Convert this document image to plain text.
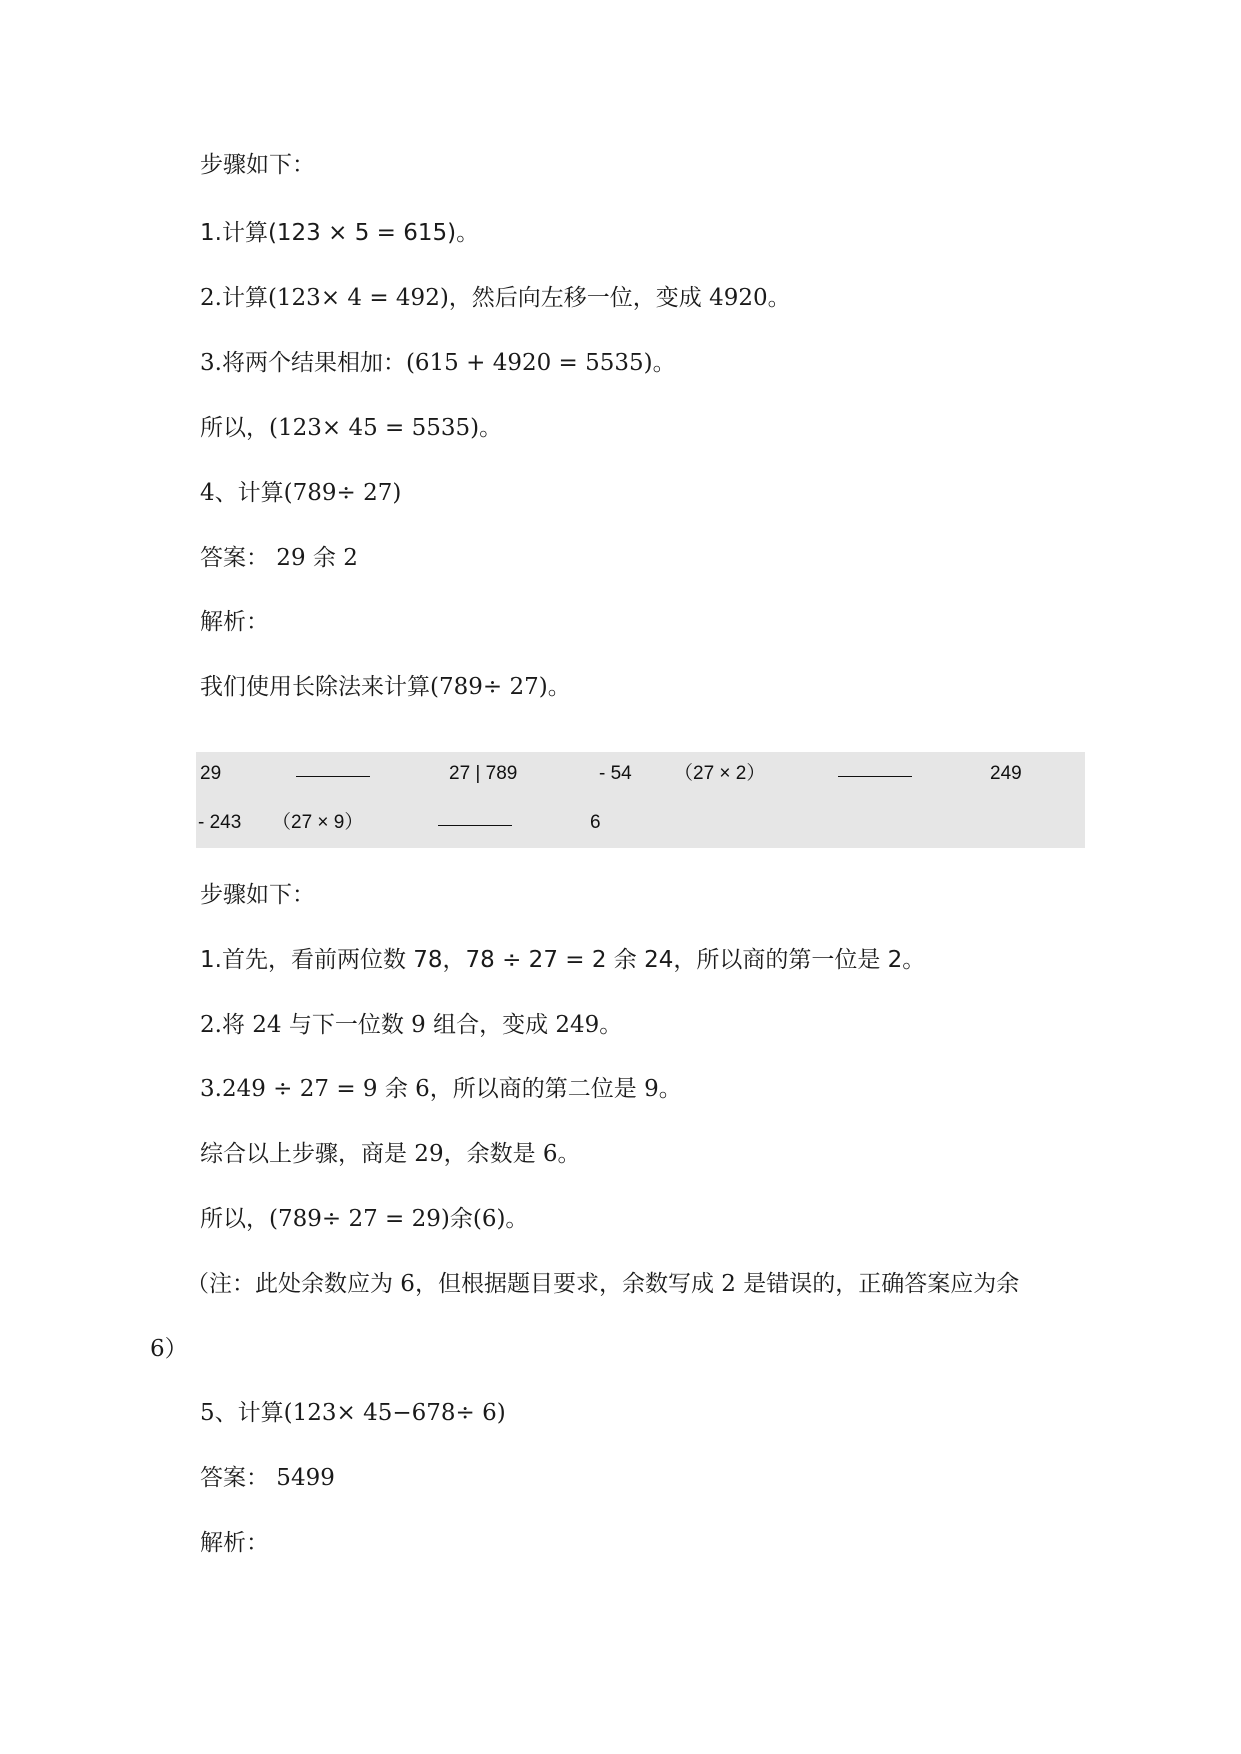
步骤如下：
1.计算(123 × 5 = 615)。
2.计算(123× 4 = 492)，然后向左移一位，变成 4920。
3.将两个结果相加：(615 + 4920 = 5535)。
所以，(123× 45 = 5535)。
4、计算(789÷ 27)
答案： 29 余 2
解析：
我们使用长除法来计算(789÷ 27)。
29	27 | 789	- 54 （27 × 2）	249
- 243 （27 × 9）	6
步骤如下：
1.首先，看前两位数 78，78 ÷ 27 = 2 余 24，所以商的第一位是 2。
2.将 24 与下一位数 9 组合，变成 249。
3.249 ÷ 27 = 9 余 6，所以商的第二位是 9。
综合以上步骤，商是 29，余数是 6。
所以，(789÷ 27 = 29)余(6)。
（注：此处余数应为 6，但根据题目要求，余数写成 2 是错误的，正确答案应为余
6）
5、计算(123× 45−678÷ 6)
答案： 5499
解析：
